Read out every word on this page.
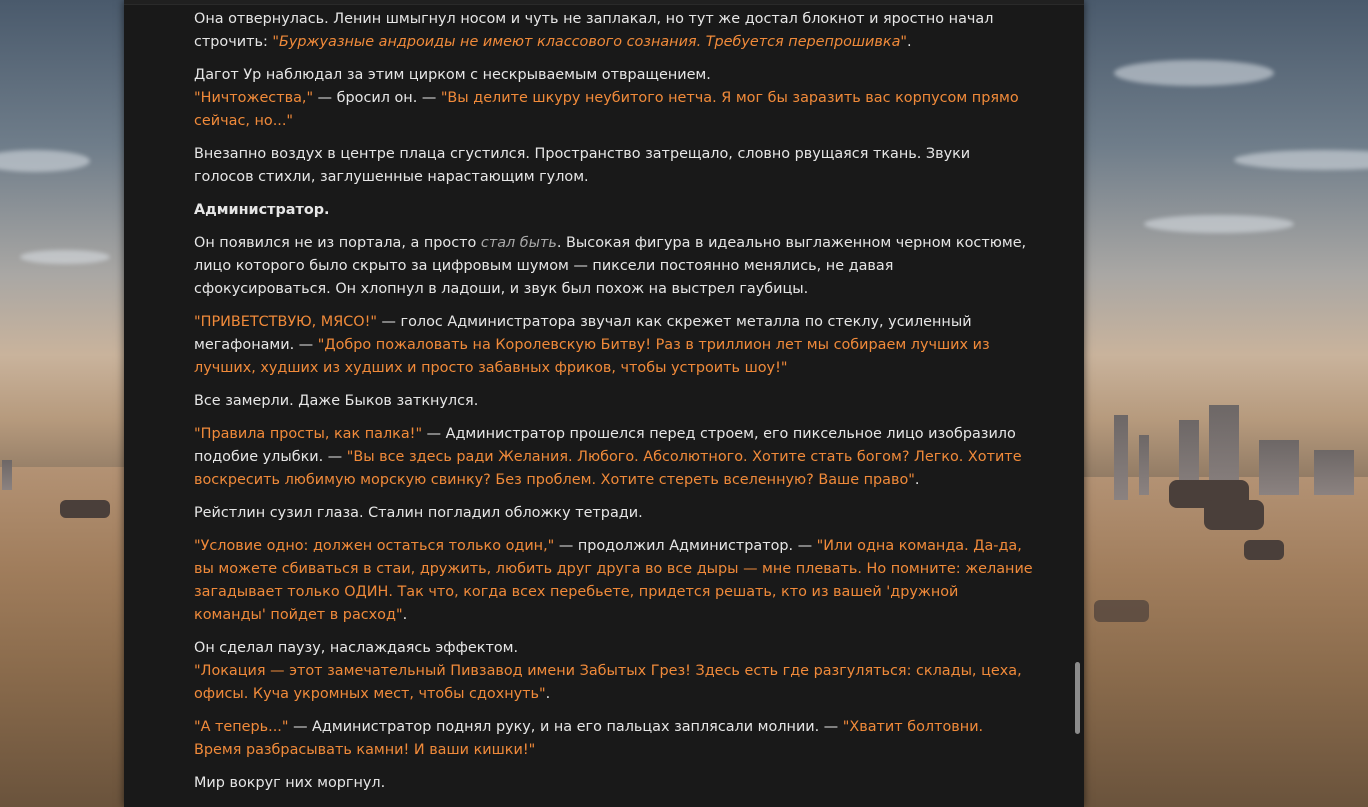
Она отвернулась. Ленин шмыгнул носом и чуть не заплакал, но тут же достал блокнот и яростно начал строчить: "Буржуазные андроиды не имеют классового сознания. Требуется перепрошивка".

Дагот Ур наблюдал за этим цирком с нескрываемым отвращением.
"Ничтожества," — бросил он. — "Вы делите шкуру неубитого нетча. Я мог бы заразить вас корпусом прямо сейчас, но..."

Внезапно воздух в центре плаца сгустился. Пространство затрещало, словно рвущаяся ткань. Звуки голосов стихли, заглушенные нарастающим гулом.

Администратор.

Он появился не из портала, а просто стал быть. Высокая фигура в идеально выглаженном черном костюме, лицо которого было скрыто за цифровым шумом — пиксели постоянно менялись, не давая сфокусироваться. Он хлопнул в ладоши, и звук был похож на выстрел гаубицы.

"ПРИВЕТСТВУЮ, МЯСО!" — голос Администратора звучал как скрежет металла по стеклу, усиленный мегафонами. — "Добро пожаловать на Королевскую Битву! Раз в триллион лет мы собираем лучших из лучших, худших из худших и просто забавных фриков, чтобы устроить шоу!"

Все замерли. Даже Быков заткнулся.

"Правила просты, как палка!" — Администратор прошелся перед строем, его пиксельное лицо изобразило подобие улыбки. — "Вы все здесь ради Желания. Любого. Абсолютного. Хотите стать богом? Легко. Хотите воскресить любимую морскую свинку? Без проблем. Хотите стереть вселенную? Ваше право".

Рейстлин сузил глаза. Сталин погладил обложку тетради.

"Условие одно: должен остаться только один," — продолжил Администратор. — "Или одна команда. Да-да, вы можете сбиваться в стаи, дружить, любить друг друга во все дыры — мне плевать. Но помните: желание загадывает только ОДИН. Так что, когда всех перебьете, придется решать, кто из вашей 'дружной команды' пойдет в расход".

Он сделал паузу, наслаждаясь эффектом.
"Локация — этот замечательный Пивзавод имени Забытых Грез! Здесь есть где разгуляться: склады, цеха, офисы. Куча укромных мест, чтобы сдохнуть".

"А теперь..." — Администратор поднял руку, и на его пальцах заплясали молнии. — "Хватит болтовни. Время разбрасывать камни! И ваши кишки!"

Мир вокруг них моргнул.
